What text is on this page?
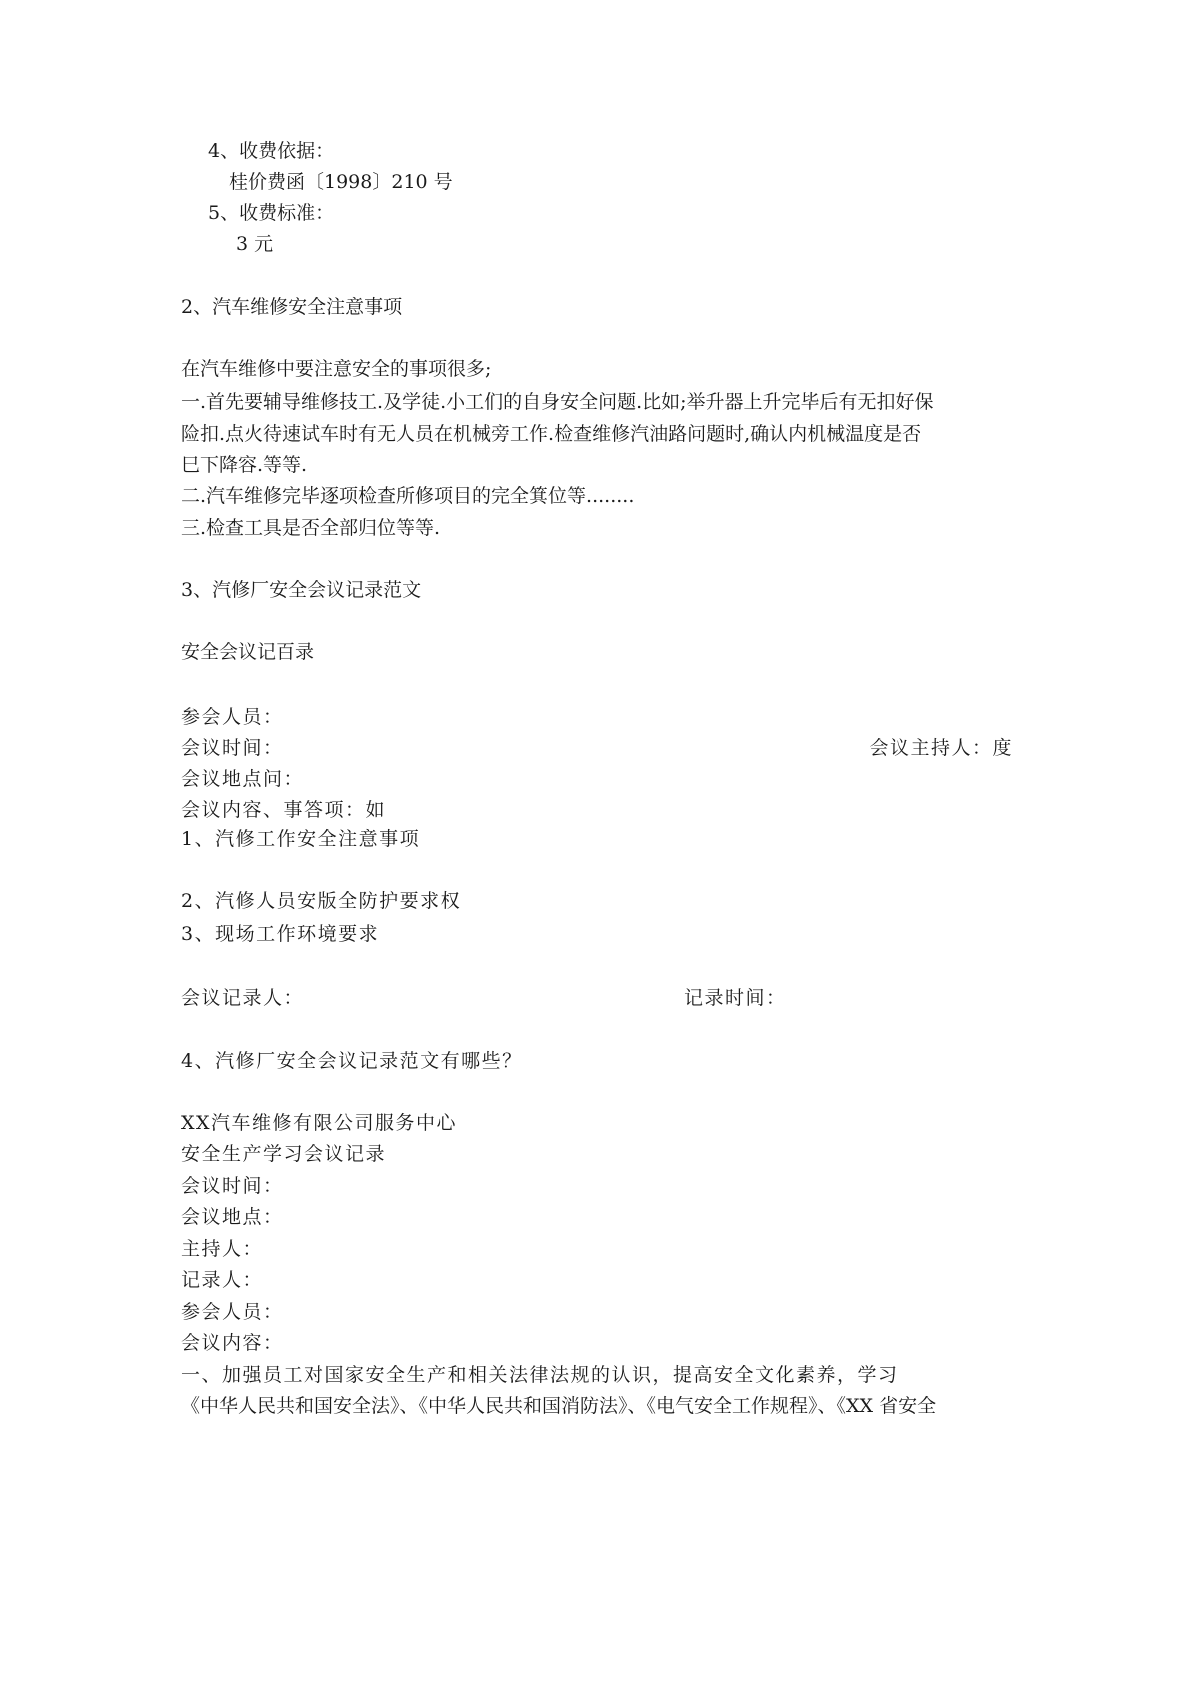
4、收费依据：

桂价费函〔1998〕210 号

5、收费标准：

3 元

2、汽车维修安全注意事项

在汽车维修中要注意安全的事项很多;

一.首先要辅导维修技工.及学徒.小工们的自身安全问题.比如;举升器上升完毕后有无扣好保

险扣.点火待速试车时有无人员在机械旁工作.检查维修汽油路问题时,确认内机械温度是否

巳下降容.等等.

二.汽车维修完毕逐项检查所修项目的完全箕位等........

三.检查工具是否全部归位等等.

3、汽修厂安全会议记录范文

安全会议记百录

参会人员：

会议时间：	会议主持人：度

会议地点问：

会议内容、事答项：如

1、汽修工作安全注意事项

2、汽修人员安版全防护要求权

3、现场工作环境要求

会议记录人：	记录时间：

4、汽修厂安全会议记录范文有哪些？

XX汽车维修有限公司服务中心

安全生产学习会议记录

会议时间：

会议地点：

主持人：

记录人：

参会人员：

会议内容：

一、加强员工对国家安全生产和相关法律法规的认识，提高安全文化素养，学习

《中华人民共和国安全法》、《中华人民共和国消防法》、《电气安全工作规程》、《XX 省安全
